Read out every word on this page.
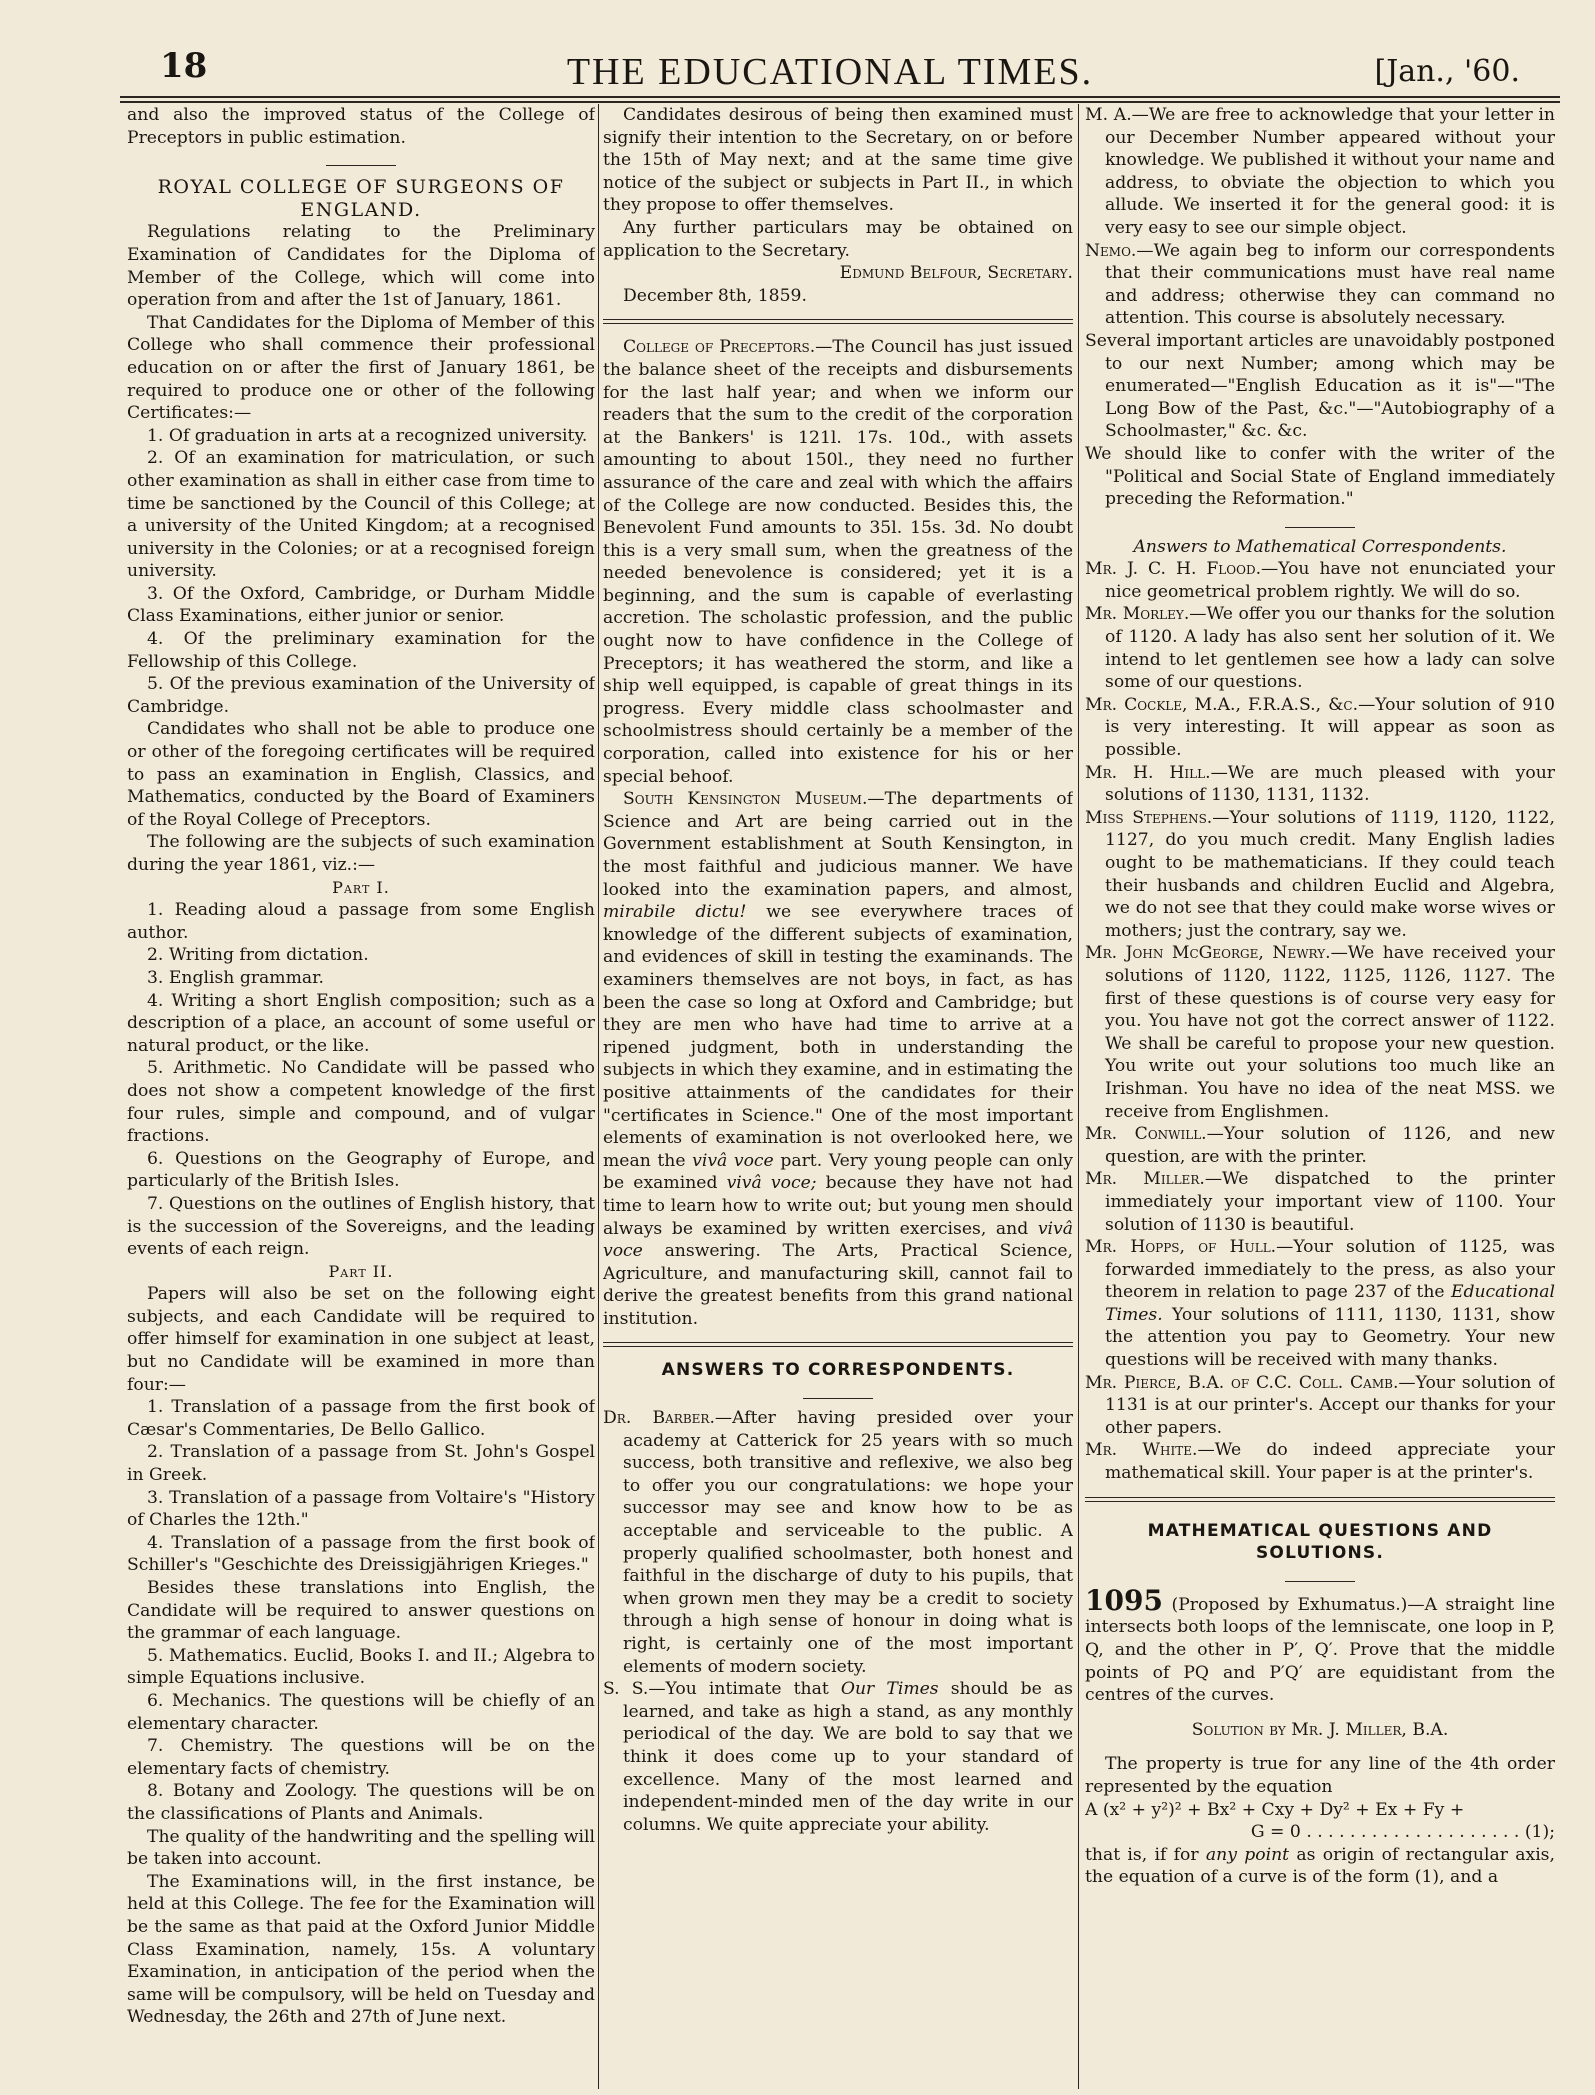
18	THE EDUCATIONAL TIMES.	[Jan., '60.

and also the improved status of the College of Preceptors in public estimation.

ROYAL COLLEGE OF SURGEONS OF ENGLAND.

Regulations relating to the Preliminary Examination of Candidates for the Diploma of Member of the College, which will come into operation from and after the 1st of January, 1861.

That Candidates for the Diploma of Member of this College who shall commence their professional education on or after the first of January 1861, be required to produce one or other of the following Certificates:—

1. Of graduation in arts at a recognized university.

2. Of an examination for matriculation, or such other examination as shall in either case from time to time be sanctioned by the Council of this College; at a university of the United Kingdom; at a recognised university in the Colonies; or at a recognised foreign university.

3. Of the Oxford, Cambridge, or Durham Middle Class Examinations, either junior or senior.

4. Of the preliminary examination for the Fellowship of this College.

5. Of the previous examination of the University of Cambridge.

Candidates who shall not be able to produce one or other of the foregoing certificates will be required to pass an examination in English, Classics, and Mathematics, conducted by the Board of Examiners of the Royal College of Preceptors.

The following are the subjects of such examination during the year 1861, viz.:—

Part I.

1. Reading aloud a passage from some English author.

2. Writing from dictation.

3. English grammar.

4. Writing a short English composition; such as a description of a place, an account of some useful or natural product, or the like.

5. Arithmetic. No Candidate will be passed who does not show a competent knowledge of the first four rules, simple and compound, and of vulgar fractions.

6. Questions on the Geography of Europe, and particularly of the British Isles.

7. Questions on the outlines of English history, that is the succession of the Sovereigns, and the leading events of each reign.

Part II.

Papers will also be set on the following eight subjects, and each Candidate will be required to offer himself for examination in one subject at least, but no Candidate will be examined in more than four:—

1. Translation of a passage from the first book of Cæsar's Commentaries, De Bello Gallico.

2. Translation of a passage from St. John's Gospel in Greek.

3. Translation of a passage from Voltaire's "History of Charles the 12th."

4. Translation of a passage from the first book of Schiller's "Geschichte des Dreissigjährigen Krieges."

Besides these translations into English, the Candidate will be required to answer questions on the grammar of each language.

5. Mathematics. Euclid, Books I. and II.; Algebra to simple Equations inclusive.

6. Mechanics. The questions will be chiefly of an elementary character.

7. Chemistry. The questions will be on the elementary facts of chemistry.

8. Botany and Zoology. The questions will be on the classifications of Plants and Animals.

The quality of the handwriting and the spelling will be taken into account.

The Examinations will, in the first instance, be held at this College. The fee for the Examination will be the same as that paid at the Oxford Junior Middle Class Examination, namely, 15s. A voluntary Examination, in anticipation of the period when the same will be compulsory, will be held on Tuesday and Wednesday, the 26th and 27th of June next.

Candidates desirous of being then examined must signify their intention to the Secretary, on or before the 15th of May next; and at the same time give notice of the subject or subjects in Part II., in which they propose to offer themselves.

Any further particulars may be obtained on application to the Secretary.

Edmund Belfour, Secretary.

December 8th, 1859.

College of Preceptors.—The Council has just issued the balance sheet of the receipts and disbursements for the last half year; and when we inform our readers that the sum to the credit of the corporation at the Bankers' is 121l. 17s. 10d., with assets amounting to about 150l., they need no further assurance of the care and zeal with which the affairs of the College are now conducted. Besides this, the Benevolent Fund amounts to 35l. 15s. 3d. No doubt this is a very small sum, when the greatness of the needed benevolence is considered; yet it is a beginning, and the sum is capable of everlasting accretion. The scholastic profession, and the public ought now to have confidence in the College of Preceptors; it has weathered the storm, and like a ship well equipped, is capable of great things in its progress. Every middle class schoolmaster and schoolmistress should certainly be a member of the corporation, called into existence for his or her special behoof.

South Kensington Museum.—The departments of Science and Art are being carried out in the Government establishment at South Kensington, in the most faithful and judicious manner. We have looked into the examination papers, and almost, mirabile dictu! we see everywhere traces of knowledge of the different subjects of examination, and evidences of skill in testing the examinands. The examiners themselves are not boys, in fact, as has been the case so long at Oxford and Cambridge; but they are men who have had time to arrive at a ripened judgment, both in understanding the subjects in which they examine, and in estimating the positive attainments of the candidates for their "certificates in Science." One of the most important elements of examination is not overlooked here, we mean the vivâ voce part. Very young people can only be examined vivâ voce; because they have not had time to learn how to write out; but young men should always be examined by written exercises, and vivâ voce answering. The Arts, Practical Science, Agriculture, and manufacturing skill, cannot fail to derive the greatest benefits from this grand national institution.

ANSWERS TO CORRESPONDENTS.

Dr. Barber.—After having presided over your academy at Catterick for 25 years with so much success, both transitive and reflexive, we also beg to offer you our congratulations: we hope your successor may see and know how to be as acceptable and serviceable to the public. A properly qualified schoolmaster, both honest and faithful in the discharge of duty to his pupils, that when grown men they may be a credit to society through a high sense of honour in doing what is right, is certainly one of the most important elements of modern society.

S. S.—You intimate that Our Times should be as learned, and take as high a stand, as any monthly periodical of the day. We are bold to say that we think it does come up to your standard of excellence. Many of the most learned and independent-minded men of the day write in our columns. We quite appreciate your ability.

M. A.—We are free to acknowledge that your letter in our December Number appeared without your knowledge. We published it without your name and address, to obviate the objection to which you allude. We inserted it for the general good: it is very easy to see our simple object.

Nemo.—We again beg to inform our correspondents that their communications must have real name and address; otherwise they can command no attention. This course is absolutely necessary.

Several important articles are unavoidably postponed to our next Number; among which may be enumerated—"English Education as it is"—"The Long Bow of the Past, &c."—"Autobiography of a Schoolmaster," &c. &c.

We should like to confer with the writer of the "Political and Social State of England immediately preceding the Reformation."

Answers to Mathematical Correspondents.

Mr. J. C. H. Flood.—You have not enunciated your nice geometrical problem rightly. We will do so.

Mr. Morley.—We offer you our thanks for the solution of 1120. A lady has also sent her solution of it. We intend to let gentlemen see how a lady can solve some of our questions.

Mr. Cockle, M.A., F.R.A.S., &c.—Your solution of 910 is very interesting. It will appear as soon as possible.

Mr. H. Hill.—We are much pleased with your solutions of 1130, 1131, 1132.

Miss Stephens.—Your solutions of 1119, 1120, 1122, 1127, do you much credit. Many English ladies ought to be mathematicians. If they could teach their husbands and children Euclid and Algebra, we do not see that they could make worse wives or mothers; just the contrary, say we.

Mr. John McGeorge, Newry.—We have received your solutions of 1120, 1122, 1125, 1126, 1127. The first of these questions is of course very easy for you. You have not got the correct answer of 1122. We shall be careful to propose your new question. You write out your solutions too much like an Irishman. You have no idea of the neat MSS. we receive from Englishmen.

Mr. Conwill.—Your solution of 1126, and new question, are with the printer.

Mr. Miller.—We dispatched to the printer immediately your important view of 1100. Your solution of 1130 is beautiful.

Mr. Hopps, of Hull.—Your solution of 1125, was forwarded immediately to the press, as also your theorem in relation to page 237 of the Educational Times. Your solutions of 1111, 1130, 1131, show the attention you pay to Geometry. Your new questions will be received with many thanks.

Mr. Pierce, B.A. of C.C. Coll. Camb.—Your solution of 1131 is at our printer's. Accept our thanks for your other papers.

Mr. White.—We do indeed appreciate your mathematical skill. Your paper is at the printer's.

MATHEMATICAL QUESTIONS AND SOLUTIONS.

1095 (Proposed by Exhumatus.)—A straight line intersects both loops of the lemniscate, one loop in P, Q, and the other in P′, Q′. Prove that the middle points of PQ and P′Q′ are equidistant from the centres of the curves.

Solution by Mr. J. Miller, B.A.

The property is true for any line of the 4th order represented by the equation

A (x² + y²)² + Bx² + Cxy + Dy² + Ex + Fy +

G = 0 . . . . . . . . . . . . . . . . . . . . (1);

that is, if for any point as origin of rectangular axis, the equation of a curve is of the form (1), and a
